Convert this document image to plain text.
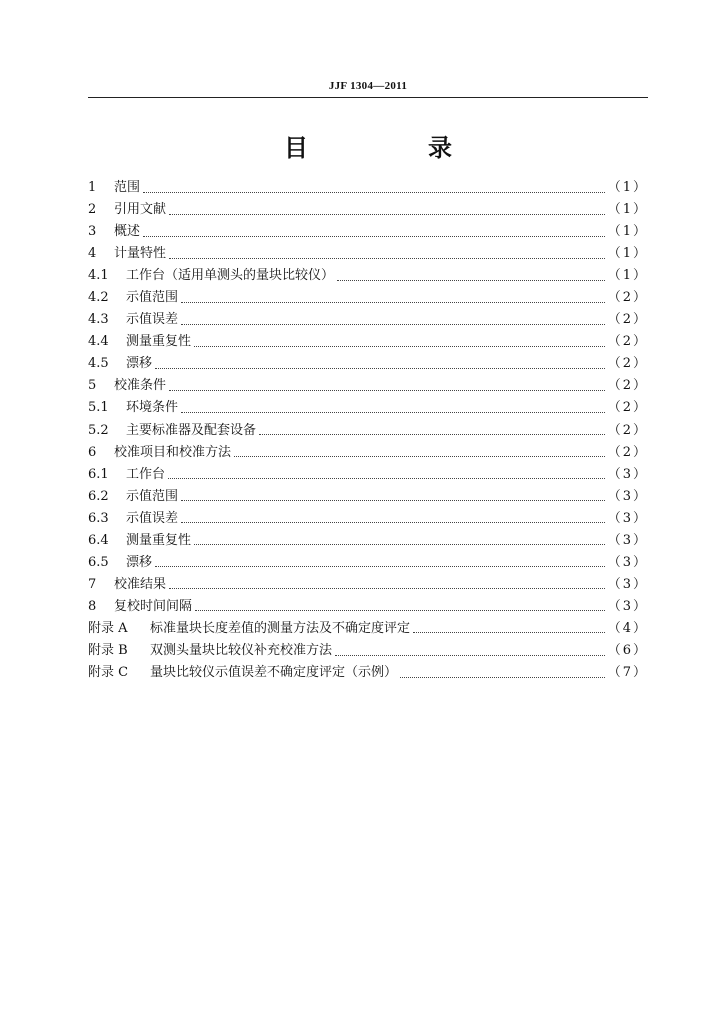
JJF 1304—2011
目　录
1	范围	（1）
2	引用文献	（1）
3	概述	（1）
4	计量特性	（1）
4.1	工作台（适用单测头的量块比较仪）	（1）
4.2	示值范围	（2）
4.3	示值误差	（2）
4.4	测量重复性	（2）
4.5	漂移	（2）
5	校准条件	（2）
5.1	环境条件	（2）
5.2	主要标准器及配套设备	（2）
6	校准项目和校准方法	（2）
6.1	工作台	（3）
6.2	示值范围	（3）
6.3	示值误差	（3）
6.4	测量重复性	（3）
6.5	漂移	（3）
7	校准结果	（3）
8	复校时间间隔	（3）
附录 A	标准量块长度差值的测量方法及不确定度评定	（4）
附录 B	双测头量块比较仪补充校准方法	（6）
附录 C	量块比较仪示值误差不确定度评定（示例）	（7）
